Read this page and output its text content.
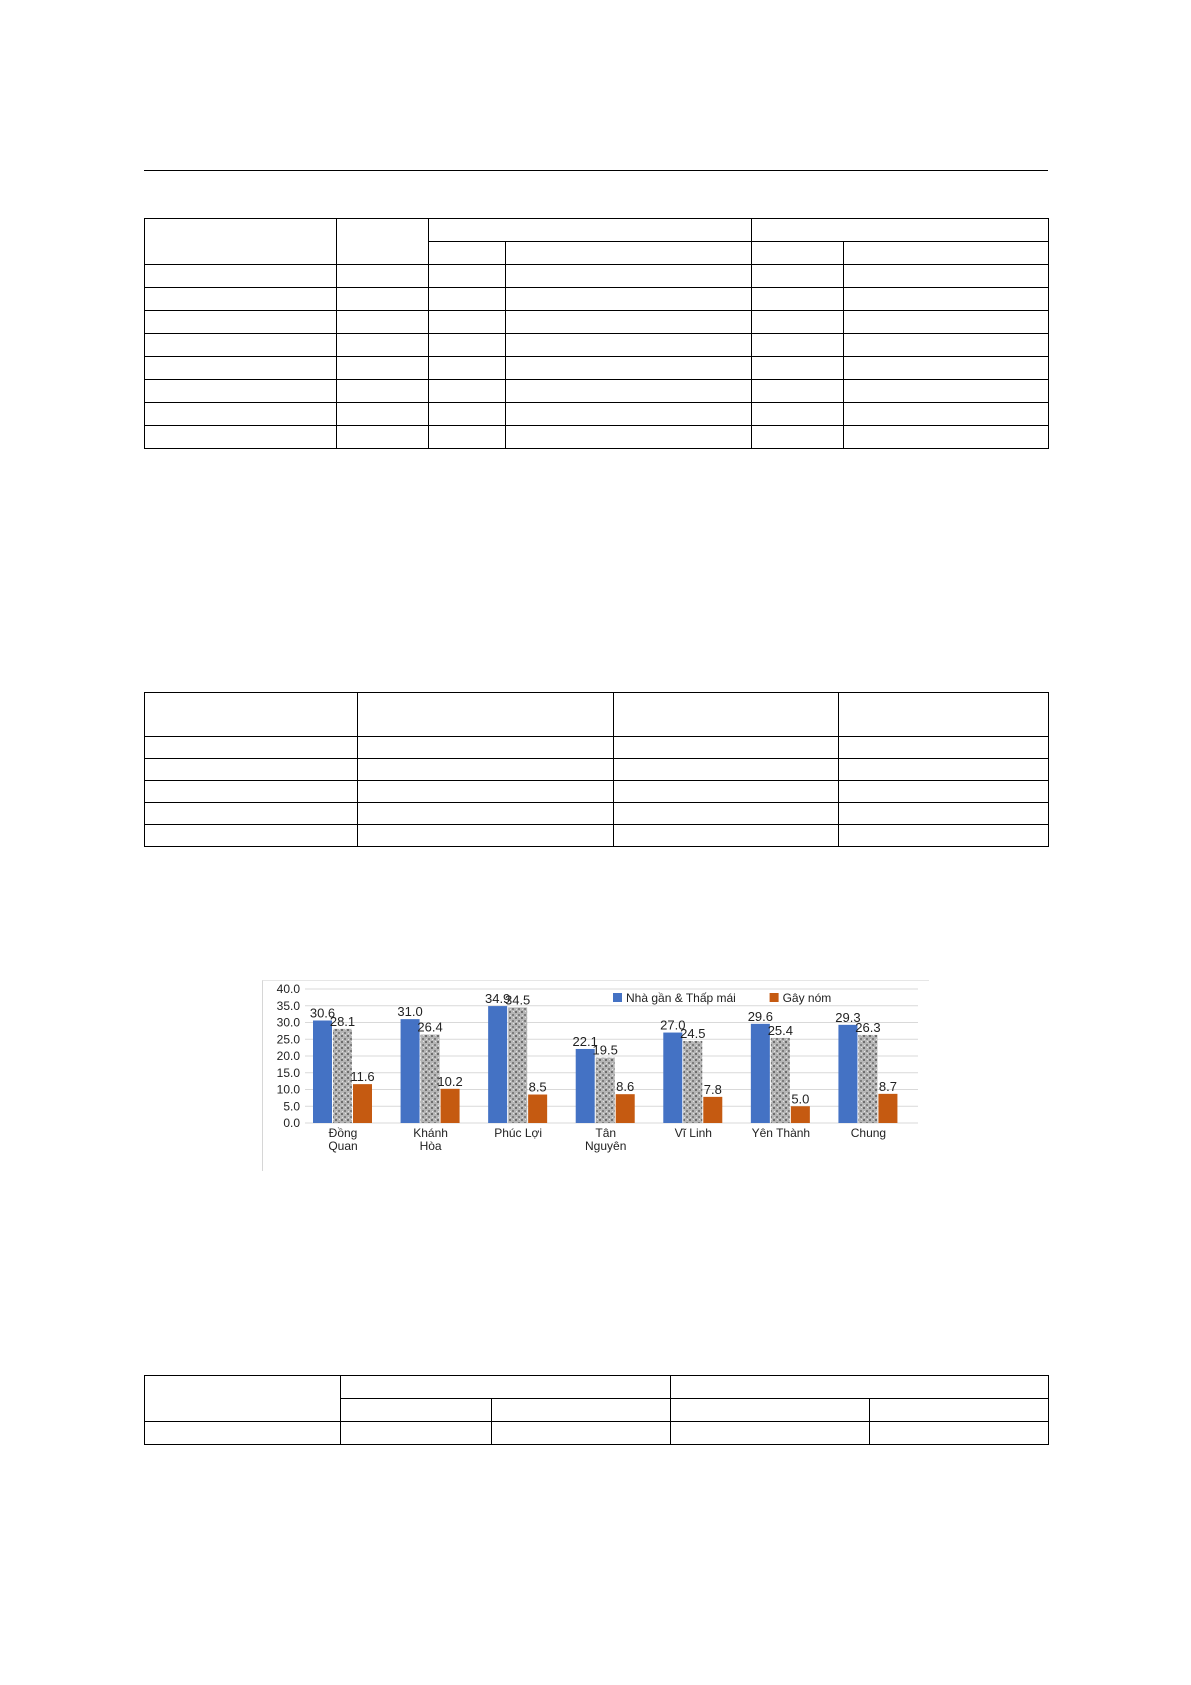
0.0
5.0
10.0
15.0
20.0
25.0
30.0
35.0
40.0
30.6
28.1
11.6
Đồng
Quan
31.0
26.4
10.2
Khánh
Hòa
34.9
34.5
8.5
Phúc Lợi
22.1
19.5
8.6
Tân
Nguyên
27.0
24.5
7.8
Vĩ Linh
29.6
25.4
5.0
Yên Thành
29.3
26.3
8.7
Chung
Nhà gần & Thấp mái	Gây nóm
